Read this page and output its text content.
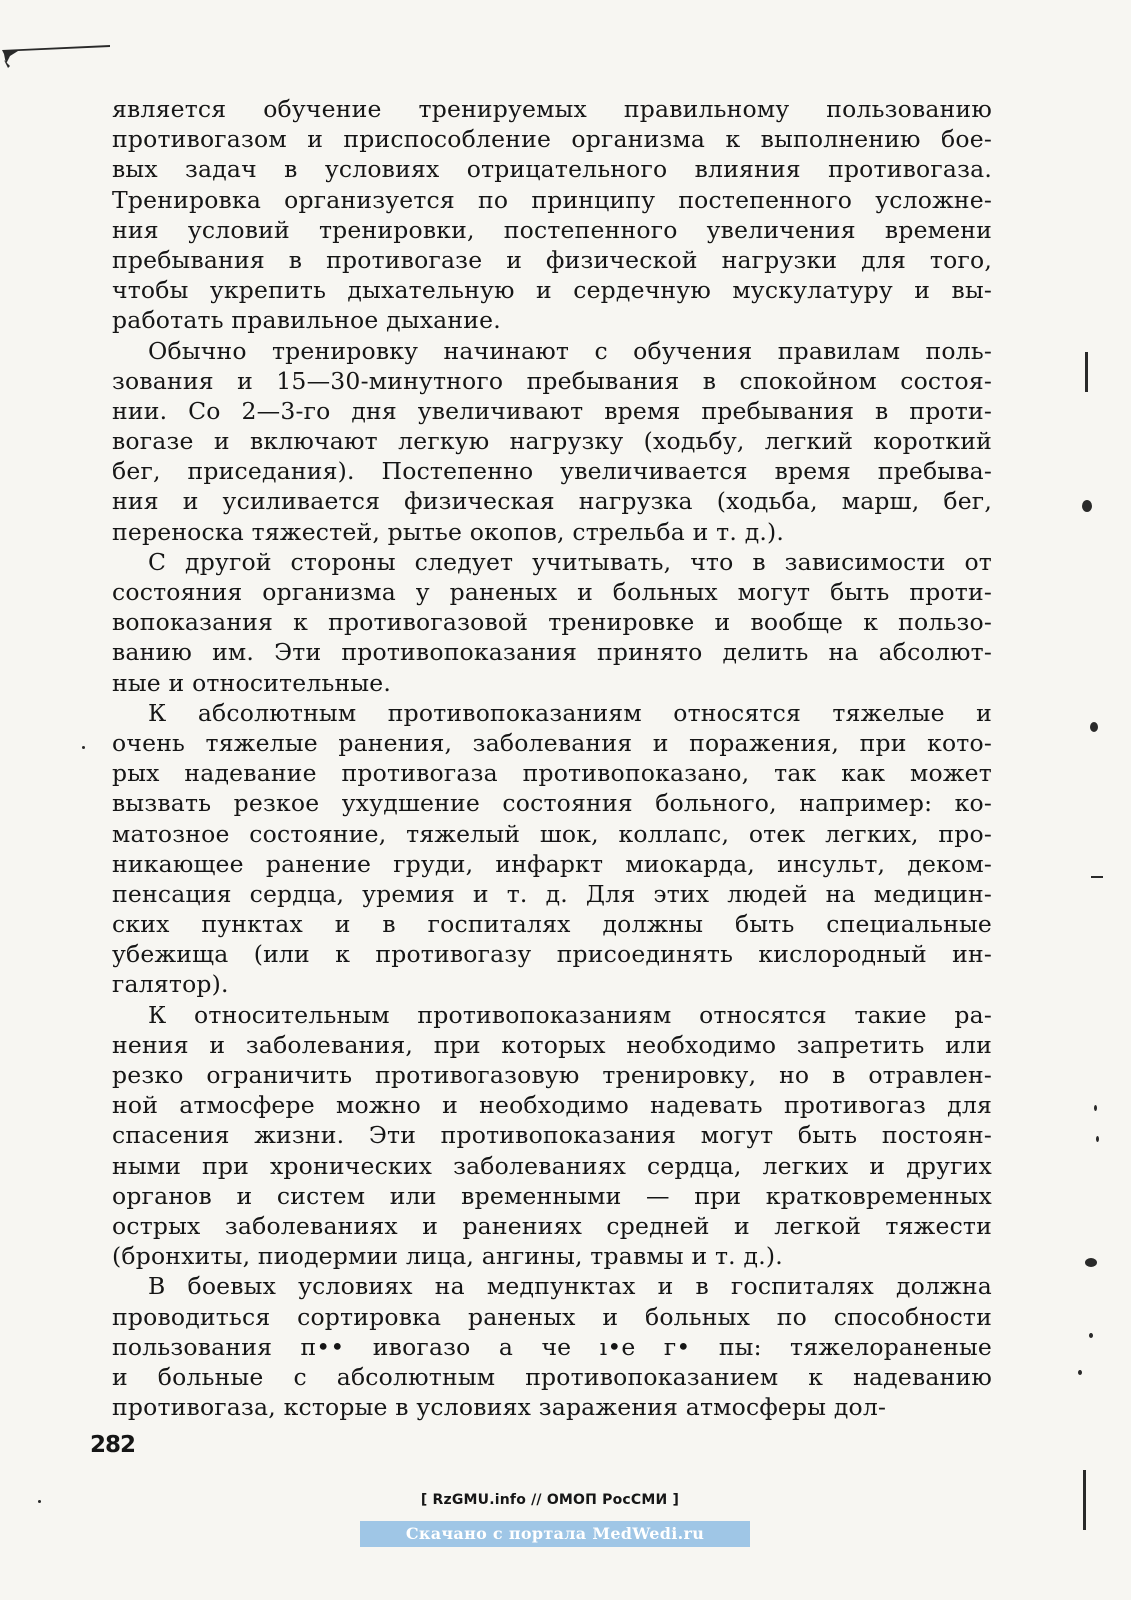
является обучение тренируемых правильному пользованию
противогазом и приспособление организма к выполнению бое-
вых задач в условиях отрицательного влияния противогаза.
Тренировка организуется по принципу постепенного усложне-
ния условий тренировки, постепенного увеличения времени
пребывания в противогазе и физической нагрузки для того,
чтобы укрепить дыхательную и сердечную мускулатуру и вы-
работать правильное дыхание.
Обычно тренировку начинают с обучения правилам поль-
зования и 15—30-минутного пребывания в спокойном состоя-
нии. Со 2—3-го дня увеличивают время пребывания в проти-
вогазе и включают легкую нагрузку (ходьбу, легкий короткий
бег, приседания). Постепенно увеличивается время пребыва-
ния и усиливается физическая нагрузка (ходьба, марш, бег,
переноска тяжестей, рытье окопов, стрельба и т. д.).
С другой стороны следует учитывать, что в зависимости от
состояния организма у раненых и больных могут быть проти-
вопоказания к противогазовой тренировке и вообще к пользо-
ванию им. Эти противопоказания принято делить на абсолют-
ные и относительные.
К абсолютным противопоказаниям относятся тяжелые и
очень тяжелые ранения, заболевания и поражения, при кото-
рых надевание противогаза противопоказано, так как может
вызвать резкое ухудшение состояния больного, например: ко-
матозное состояние, тяжелый шок, коллапс, отек легких, про-
никающее ранение груди, инфаркт миокарда, инсульт, деком-
пенсация сердца, уремия и т. д. Для этих людей на медицин-
ских пунктах и в госпиталях должны быть специальные
убежища (или к противогазу присоединять кислородный ин-
галятор).
К относительным противопоказаниям относятся такие ра-
нения и заболевания, при которых необходимо запретить или
резко ограничить противогазовую тренировку, но в отравлен-
ной атмосфере можно и необходимо надевать противогаз для
спасения жизни. Эти противопоказания могут быть постоян-
ными при хронических заболеваниях сердца, легких и других
органов и систем или временными — при кратковременных
острых заболеваниях и ранениях средней и легкой тяжести
(бронхиты, пиодермии лица, ангины, травмы и т. д.).
В боевых условиях на медпунктах и в госпиталях должна
проводиться сортировка раненых и больных по способности
пользования п•• ивогазо а че ı•е г• пы: тяжелораненые
и больные с абсолютным противопоказанием к надеванию
противогаза, кcторые в условиях заражения атмосферы дол-
282
[ RzGMU.info // ОМОП РосСМИ ]
Скачано с портала MedWedi.ru
